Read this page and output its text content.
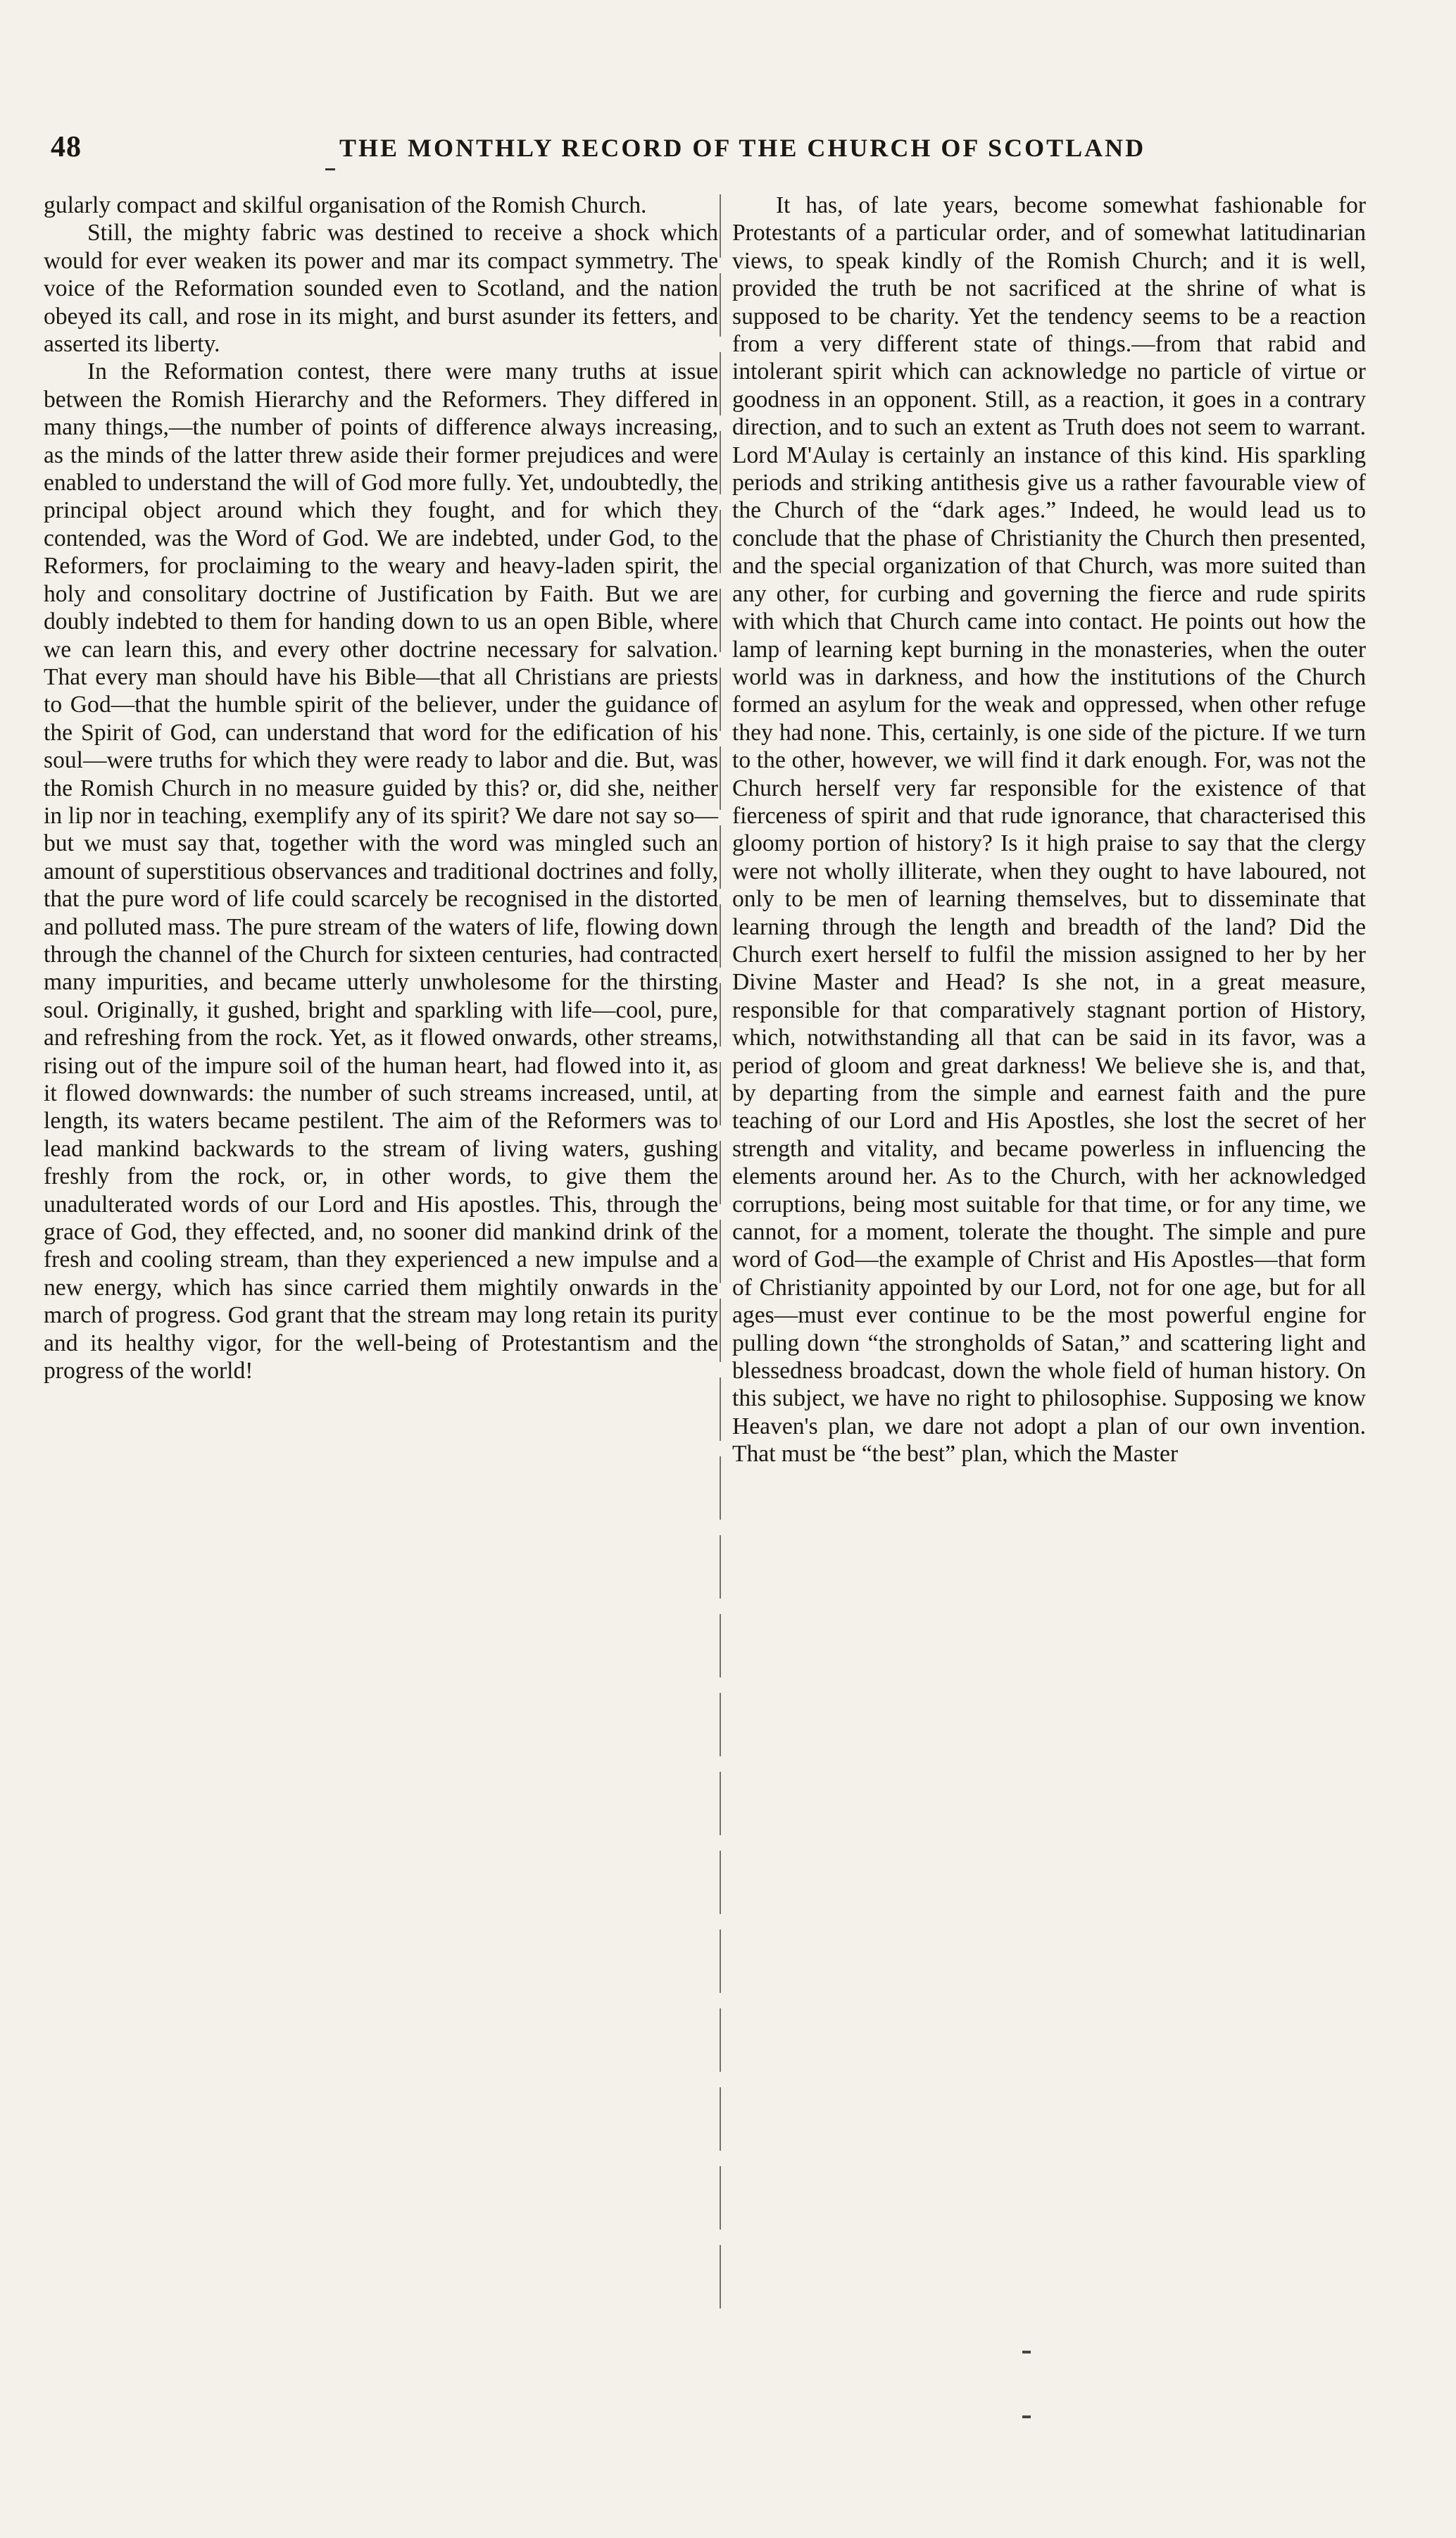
48	THE MONTHLY RECORD OF THE CHURCH OF SCOTLAND

gularly compact and skilful organisation of the Romish Church.

Still, the mighty fabric was destined to receive a shock which would for ever weaken its power and mar its compact symmetry. The voice of the Reformation sounded even to Scotland, and the nation obeyed its call, and rose in its might, and burst asunder its fetters, and asserted its liberty.

In the Reformation contest, there were many truths at issue between the Romish Hierarchy and the Reformers. They differed in many things,—the number of points of difference always increasing, as the minds of the latter threw aside their former prejudices and were enabled to understand the will of God more fully. Yet, undoubtedly, the principal object around which they fought, and for which they contended, was the Word of God. We are indebted, under God, to the Reformers, for proclaiming to the weary and heavy-laden spirit, the holy and consolitary doctrine of Justification by Faith. But we are doubly indebted to them for handing down to us an open Bible, where we can learn this, and every other doctrine necessary for salvation. That every man should have his Bible—that all Christians are priests to God—that the humble spirit of the believer, under the guidance of the Spirit of God, can understand that word for the edification of his soul—were truths for which they were ready to labor and die. But, was the Romish Church in no measure guided by this? or, did she, neither in lip nor in teaching, exemplify any of its spirit? We dare not say so—but we must say that, together with the word was mingled such an amount of superstitious observances and traditional doctrines and folly, that the pure word of life could scarcely be recognised in the distorted and polluted mass. The pure stream of the waters of life, flowing down through the channel of the Church for sixteen centuries, had contracted many impurities, and became utterly unwholesome for the thirsting soul. Originally, it gushed, bright and sparkling with life—cool, pure, and refreshing from the rock. Yet, as it flowed onwards, other streams, rising out of the impure soil of the human heart, had flowed into it, as it flowed downwards: the number of such streams increased, until, at length, its waters became pestilent. The aim of the Reformers was to lead mankind backwards to the stream of living waters, gushing freshly from the rock, or, in other words, to give them the unadulterated words of our Lord and His apostles. This, through the grace of God, they effected, and, no sooner did mankind drink of the fresh and cooling stream, than they experienced a new impulse and a new energy, which has since carried them mightily onwards in the march of progress. God grant that the stream may long retain its purity and its healthy vigor, for the well-being of Protestantism and the progress of the world!

It has, of late years, become somewhat fashionable for Protestants of a particular order, and of somewhat latitudinarian views, to speak kindly of the Romish Church; and it is well, provided the truth be not sacrificed at the shrine of what is supposed to be charity. Yet the tendency seems to be a reaction from a very different state of things.—from that rabid and intolerant spirit which can acknowledge no particle of virtue or goodness in an opponent. Still, as a reaction, it goes in a contrary direction, and to such an extent as Truth does not seem to warrant. Lord M'Aulay is certainly an instance of this kind. His sparkling periods and striking antithesis give us a rather favourable view of the Church of the “dark ages.” Indeed, he would lead us to conclude that the phase of Christianity the Church then presented, and the special organization of that Church, was more suited than any other, for curbing and governing the fierce and rude spirits with which that Church came into contact. He points out how the lamp of learning kept burning in the monasteries, when the outer world was in darkness, and how the institutions of the Church formed an asylum for the weak and oppressed, when other refuge they had none. This, certainly, is one side of the picture. If we turn to the other, however, we will find it dark enough. For, was not the Church herself very far responsible for the existence of that fierceness of spirit and that rude ignorance, that characterised this gloomy portion of history? Is it high praise to say that the clergy were not wholly illiterate, when they ought to have laboured, not only to be men of learning themselves, but to disseminate that learning through the length and breadth of the land? Did the Church exert herself to fulfil the mission assigned to her by her Divine Master and Head? Is she not, in a great measure, responsible for that comparatively stagnant portion of History, which, notwithstanding all that can be said in its favor, was a period of gloom and great darkness! We believe she is, and that, by departing from the simple and earnest faith and the pure teaching of our Lord and His Apostles, she lost the secret of her strength and vitality, and became powerless in influencing the elements around her. As to the Church, with her acknowledged corruptions, being most suitable for that time, or for any time, we cannot, for a moment, tolerate the thought. The simple and pure word of God—the example of Christ and His Apostles—that form of Christianity appointed by our Lord, not for one age, but for all ages—must ever continue to be the most powerful engine for pulling down “the strongholds of Satan,” and scattering light and blessedness broadcast, down the whole field of human history. On this subject, we have no right to philosophise. Supposing we know Heaven's plan, we dare not adopt a plan of our own invention. That must be “the best” plan, which the Master
